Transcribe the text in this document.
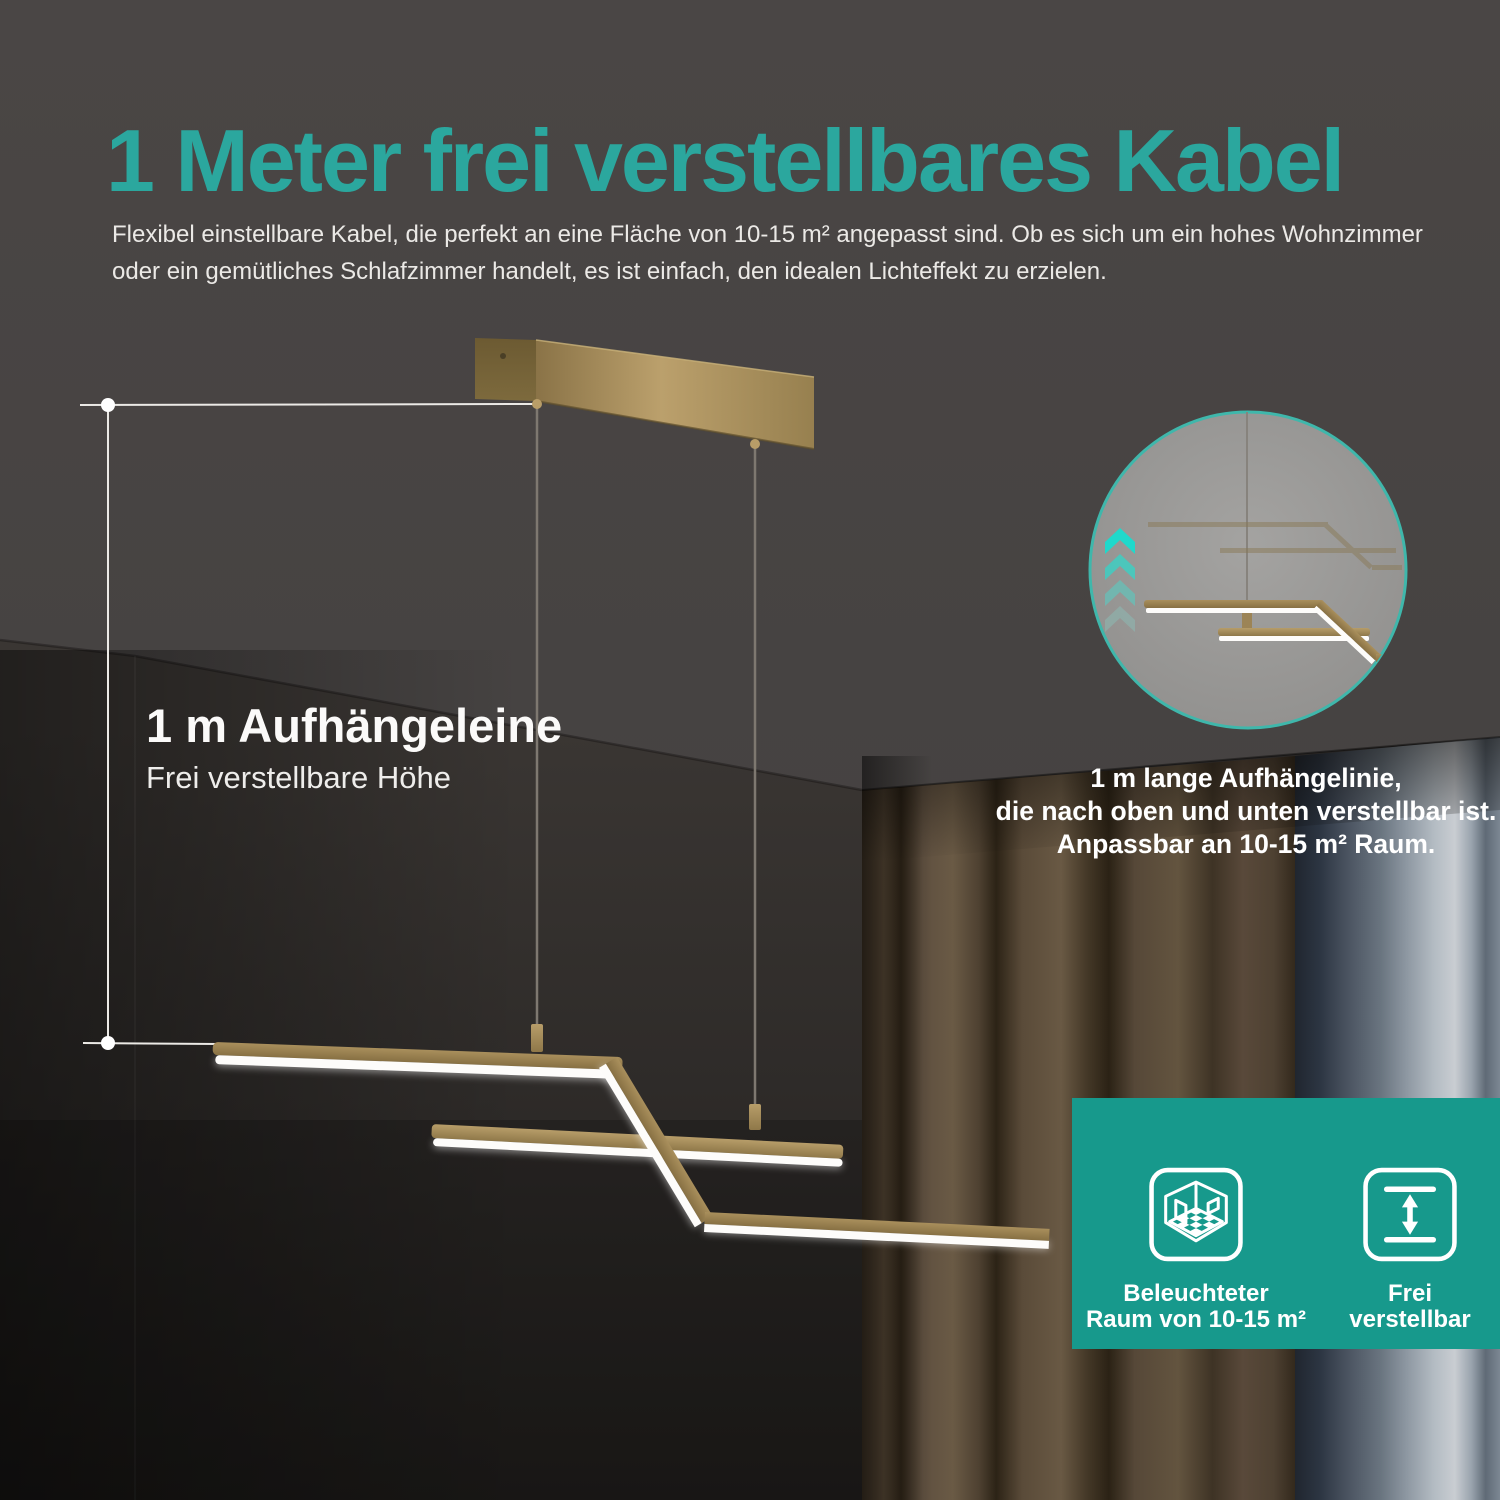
1 Meter frei verstellbares Kabel
Flexibel einstellbare Kabel, die perfekt an eine Fläche von 10-15 m² angepasst sind. Ob es sich um ein hohes Wohnzimmer
oder ein gemütliches Schlafzimmer handelt, es ist einfach, den idealen Lichteffekt zu erzielen.
1 m Aufhängeleine
Frei verstellbare Höhe	1 m lange Aufhängelinie,
die nach oben und unten verstellbar ist.
Anpassbar an 10-15 m² Raum.
Beleuchteter
Raum von 10-15 m²
Frei
verstellbar
